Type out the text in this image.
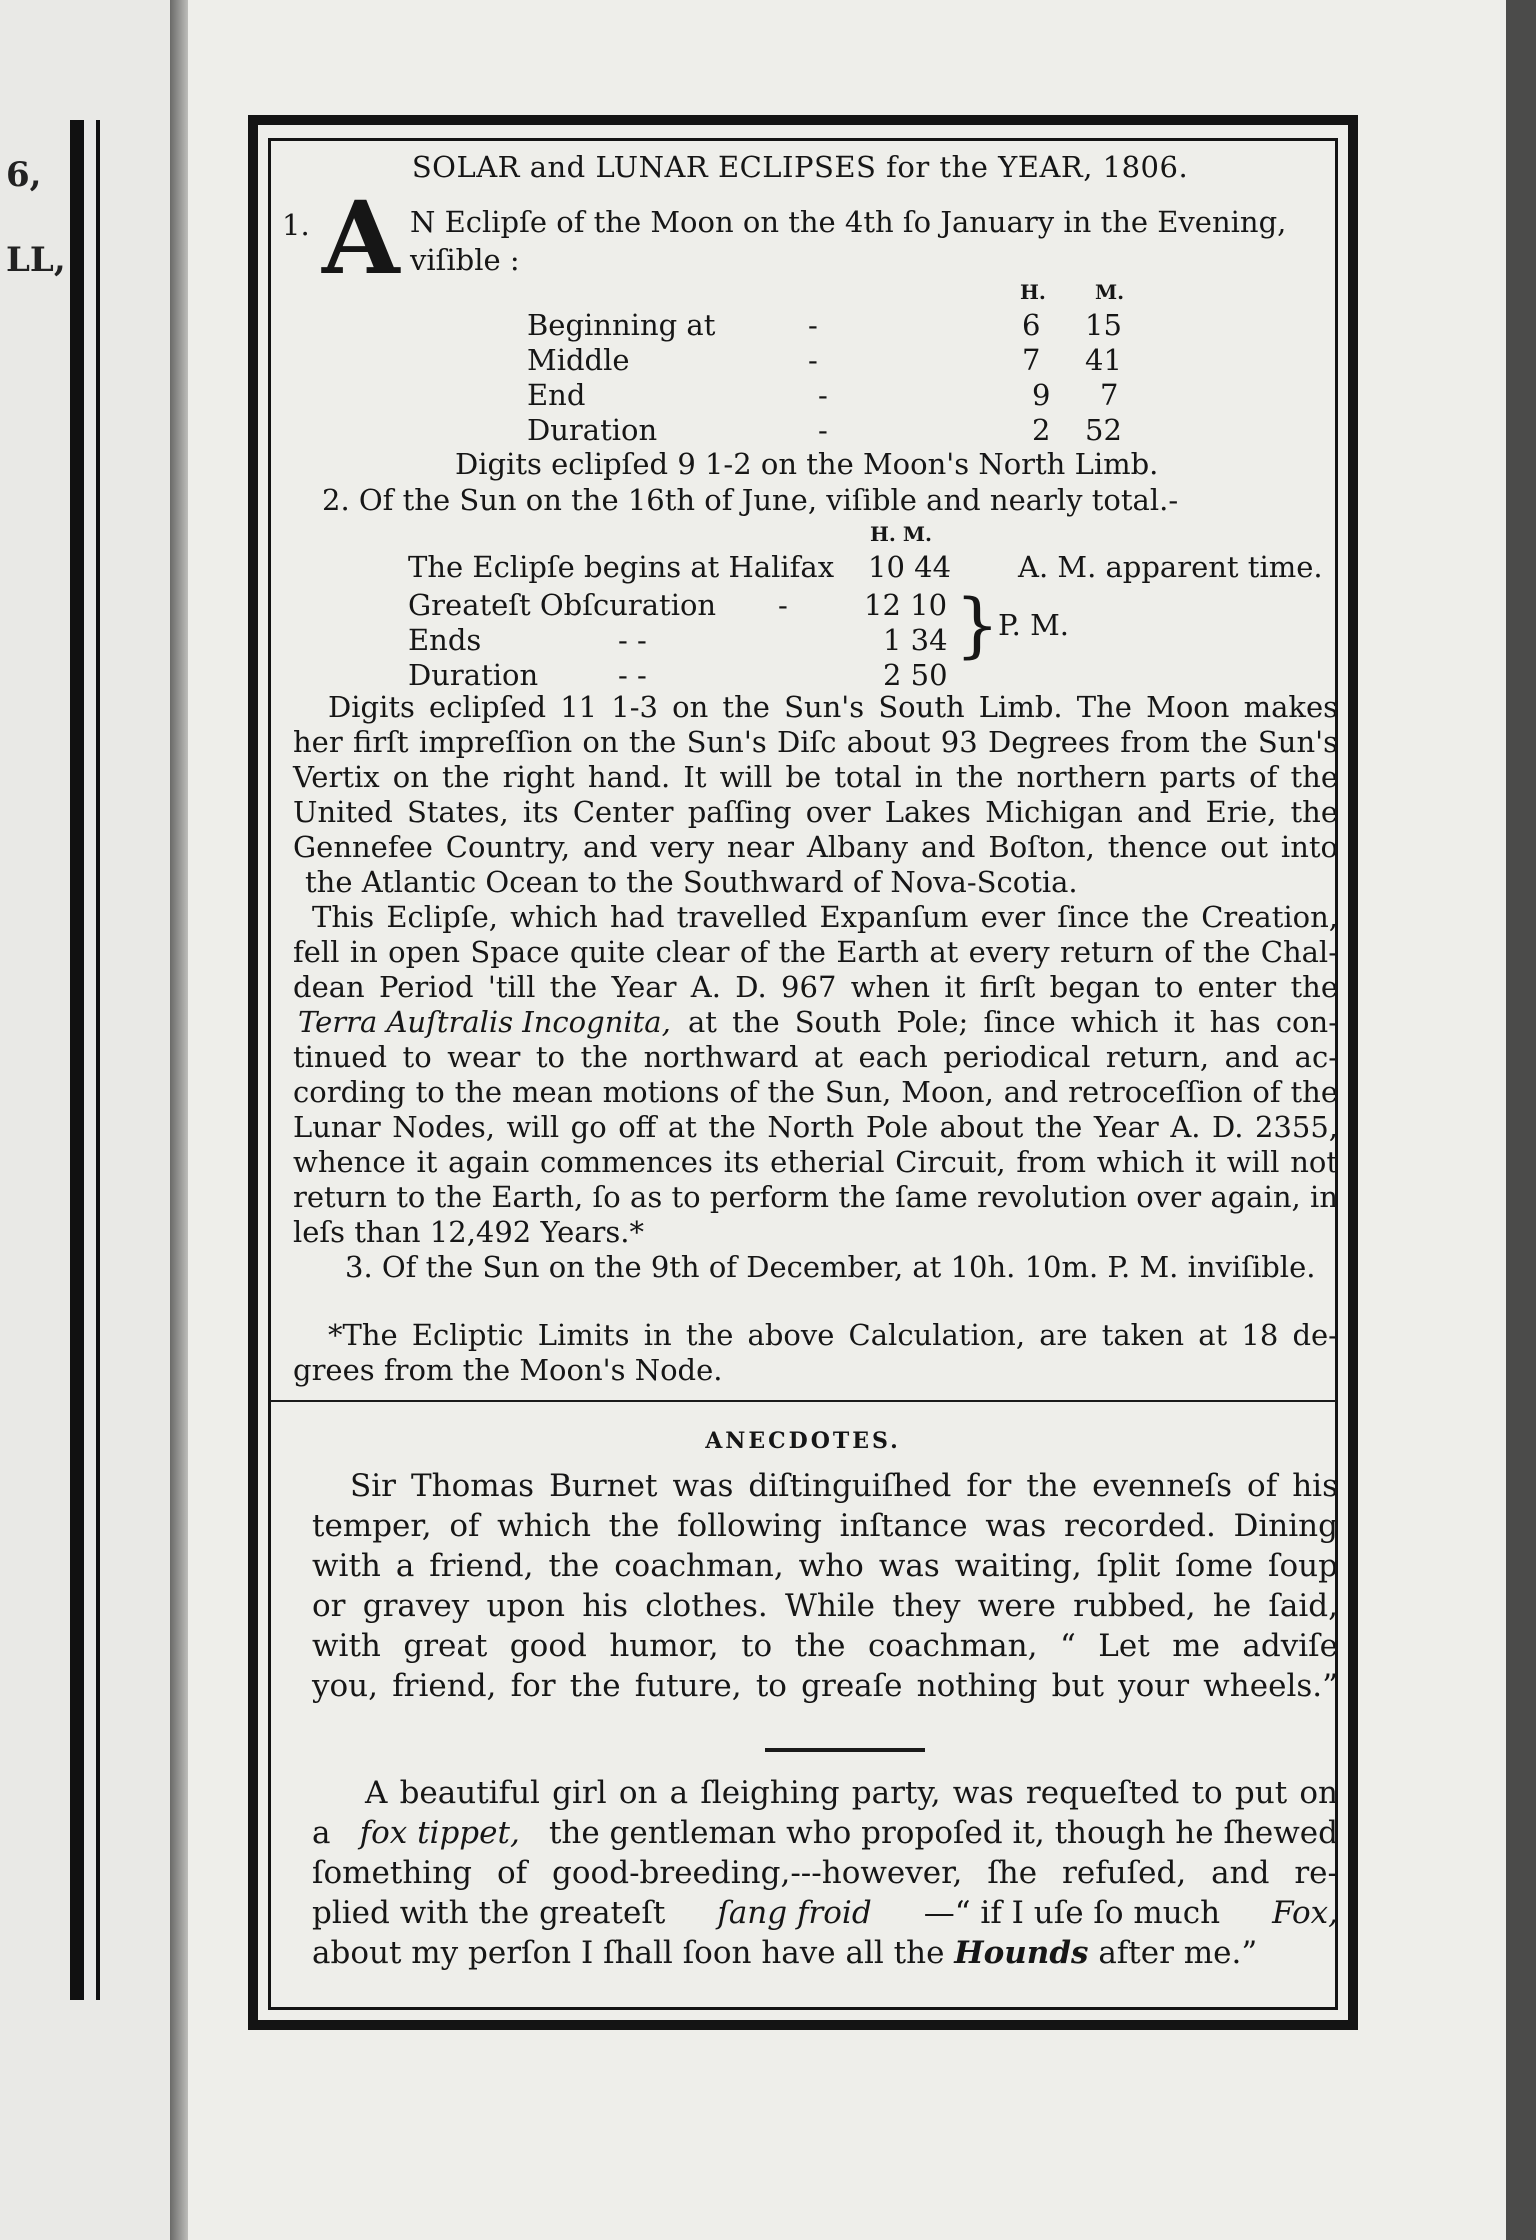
6,
LL,
SOLAR and LUNAR ECLIPSES for the YEAR, 1806.
1. A N Eclipſe of the Moon on the 4th ſo January in the Evening,
viſible :
H. M.
Beginning at	-	6 15
Middle	-	7 41
End	-	9 7
Duration	-	2 52
Digits eclipſed 9 1-2 on the Moon's North Limb.
2. Of the Sun on the 16th of June, viſible and nearly total.-
H. M.
The Eclipſe begins at Halifax 10 44 A. M. apparent time.
Greateſt Obſcuration -	12 10
Ends	- -	1 34
Duration	- -	2 50
}
P. M.
Digits eclipſed 11 1-3 on the Sun's South Limb. The Moon makes
her firſt impreſſion on the Sun's Diſc about 93 Degrees from the Sun's
Vertix on the right hand. It will be total in the northern parts of the
United States, its Center paſſing over Lakes Michigan and Erie, the
Gennefee Country, and very near Albany and Boſton, thence out into
the Atlantic Ocean to the Southward of Nova-Scotia.
This Eclipſe, which had travelled Expanſum ever ſince the Creation,
fell in open Space quite clear of the Earth at every return of the Chal-
dean Period 'till the Year A. D. 967 when it firſt began to enter the
Terra Auſtralis Incognita, at the South Pole; ſince which it has con-
tinued to wear to the northward at each periodical return, and ac-
cording to the mean motions of the Sun, Moon, and retroceſſion of the
Lunar Nodes, will go off at the North Pole about the Year A. D. 2355,
whence it again commences its etherial Circuit, from which it will not
return to the Earth, ſo as to perform the ſame revolution over again, in
leſs than 12,492 Years.*
3. Of the Sun on the 9th of December, at 10h. 10m. P. M. inviſible.
*The Ecliptic Limits in the above Calculation, are taken at 18 de-
grees from the Moon's Node.
ANECDOTES.
Sir Thomas Burnet was diſtinguiſhed for the evenneſs of his
temper, of which the following inſtance was recorded. Dining
with a friend, the coachman, who was waiting, ſplit ſome ſoup
or gravey upon his clothes. While they were rubbed, he ſaid,
with great good humor, to the coachman, “ Let me adviſe
you, friend, for the future, to greaſe nothing but your wheels.”
A beautiful girl on a ſleighing party, was requeſted to put on
a fox tippet, the gentleman who propoſed it, though he ſhewed
ſomething of good-breeding,---however, ſhe refuſed, and re-
plied with the greateſt ſang froid —“ if I uſe ſo much Fox,
about my perſon I ſhall ſoon have all the Hounds after me.”
